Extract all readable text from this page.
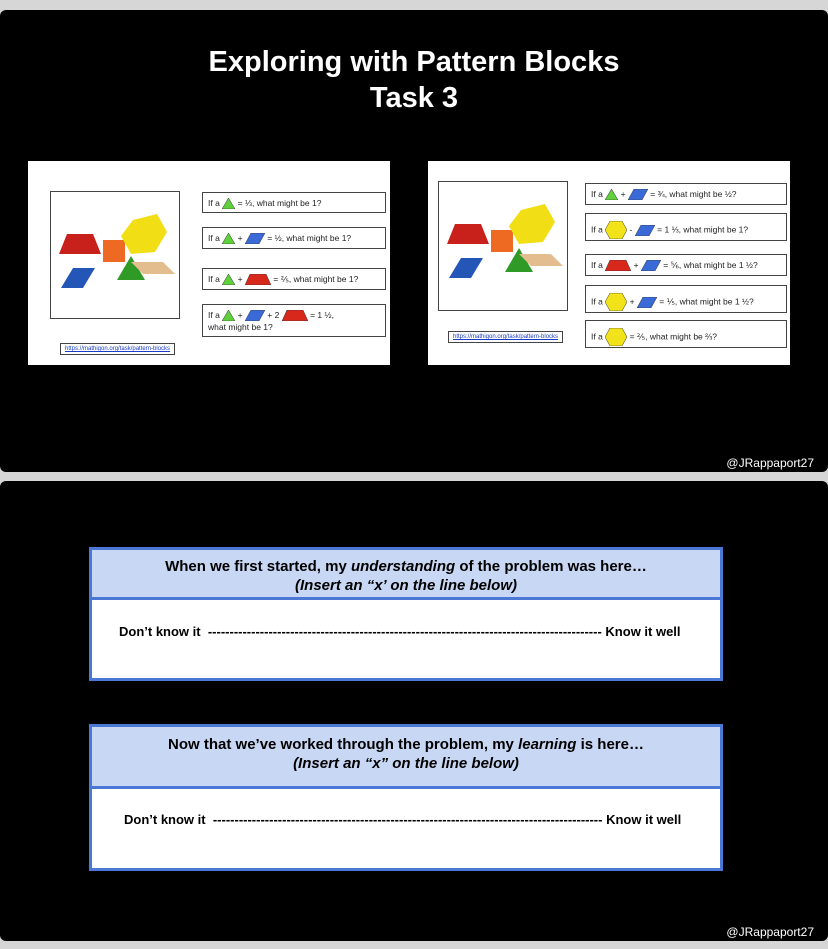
Exploring with Pattern Blocks
Task 3
If a = ⅓, what might be 1?
If a +	= ½, what might be 1?
If a +	= ⅖, what might be 1?
If a +	+ 2	= 1 ½,
what might be 1?
https://mathigon.org/task/pattern-blocks
If a +	= ¾, what might be ½?
If a	-	= 1 ⅓, what might be 1?
If a	+	= ⅚, what might be 1 ½?
If a	+	= ⅕, what might be 1 ½?
If a	= ⅖, what might be ⅔?
https://mathigon.org/task/pattern-blocks
@JRappaport27
When we first started, my understanding of the problem was here…
(Insert an “x’ on the line below)
Don’t know it ------------------------------------------------------------------------------------------- Know it well
Now that we’ve worked through the problem, my learning is here…
(Insert an “x” on the line below)
Don’t know it ------------------------------------------------------------------------------------------ Know it well
@JRappaport27
